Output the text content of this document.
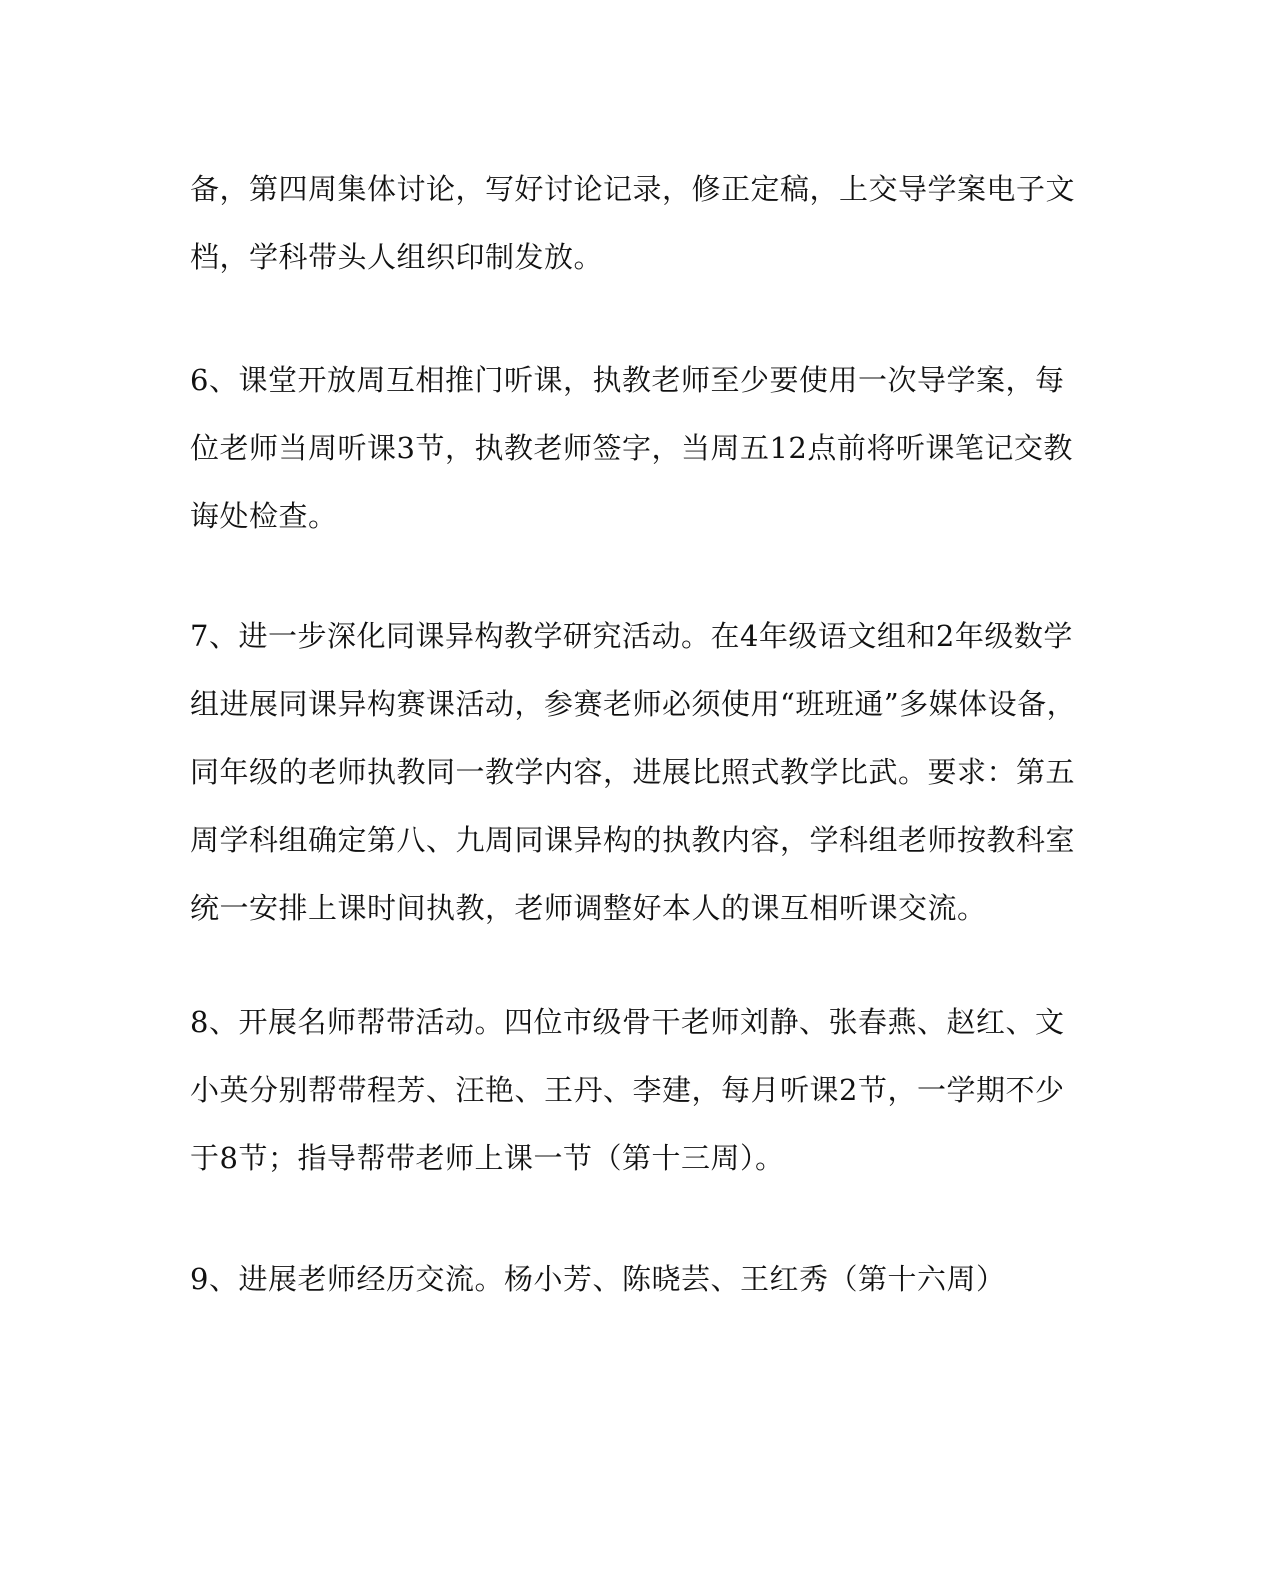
备，第四周集体讨论，写好讨论记录，修正定稿，上交导学案电子文
档，学科带头人组织印制发放。
6、课堂开放周互相推门听课，执教老师至少要使用一次导学案，每
位老师当周听课3节，执教老师签字，当周五12点前将听课笔记交教
诲处检查。
7、进一步深化同课异构教学研究活动。在4年级语文组和2年级数学
组进展同课异构赛课活动，参赛老师必须使用“班班通”多媒体设备，
同年级的老师执教同一教学内容，进展比照式教学比武。要求：第五
周学科组确定第八、九周同课异构的执教内容，学科组老师按教科室
统一安排上课时间执教，老师调整好本人的课互相听课交流。
8、开展名师帮带活动。四位市级骨干老师刘静、张春燕、赵红、文
小英分别帮带程芳、汪艳、王丹、李建，每月听课2节，一学期不少
于8节；指导帮带老师上课一节（第十三周）。
9、进展老师经历交流。杨小芳、陈晓芸、王红秀（第十六周）
